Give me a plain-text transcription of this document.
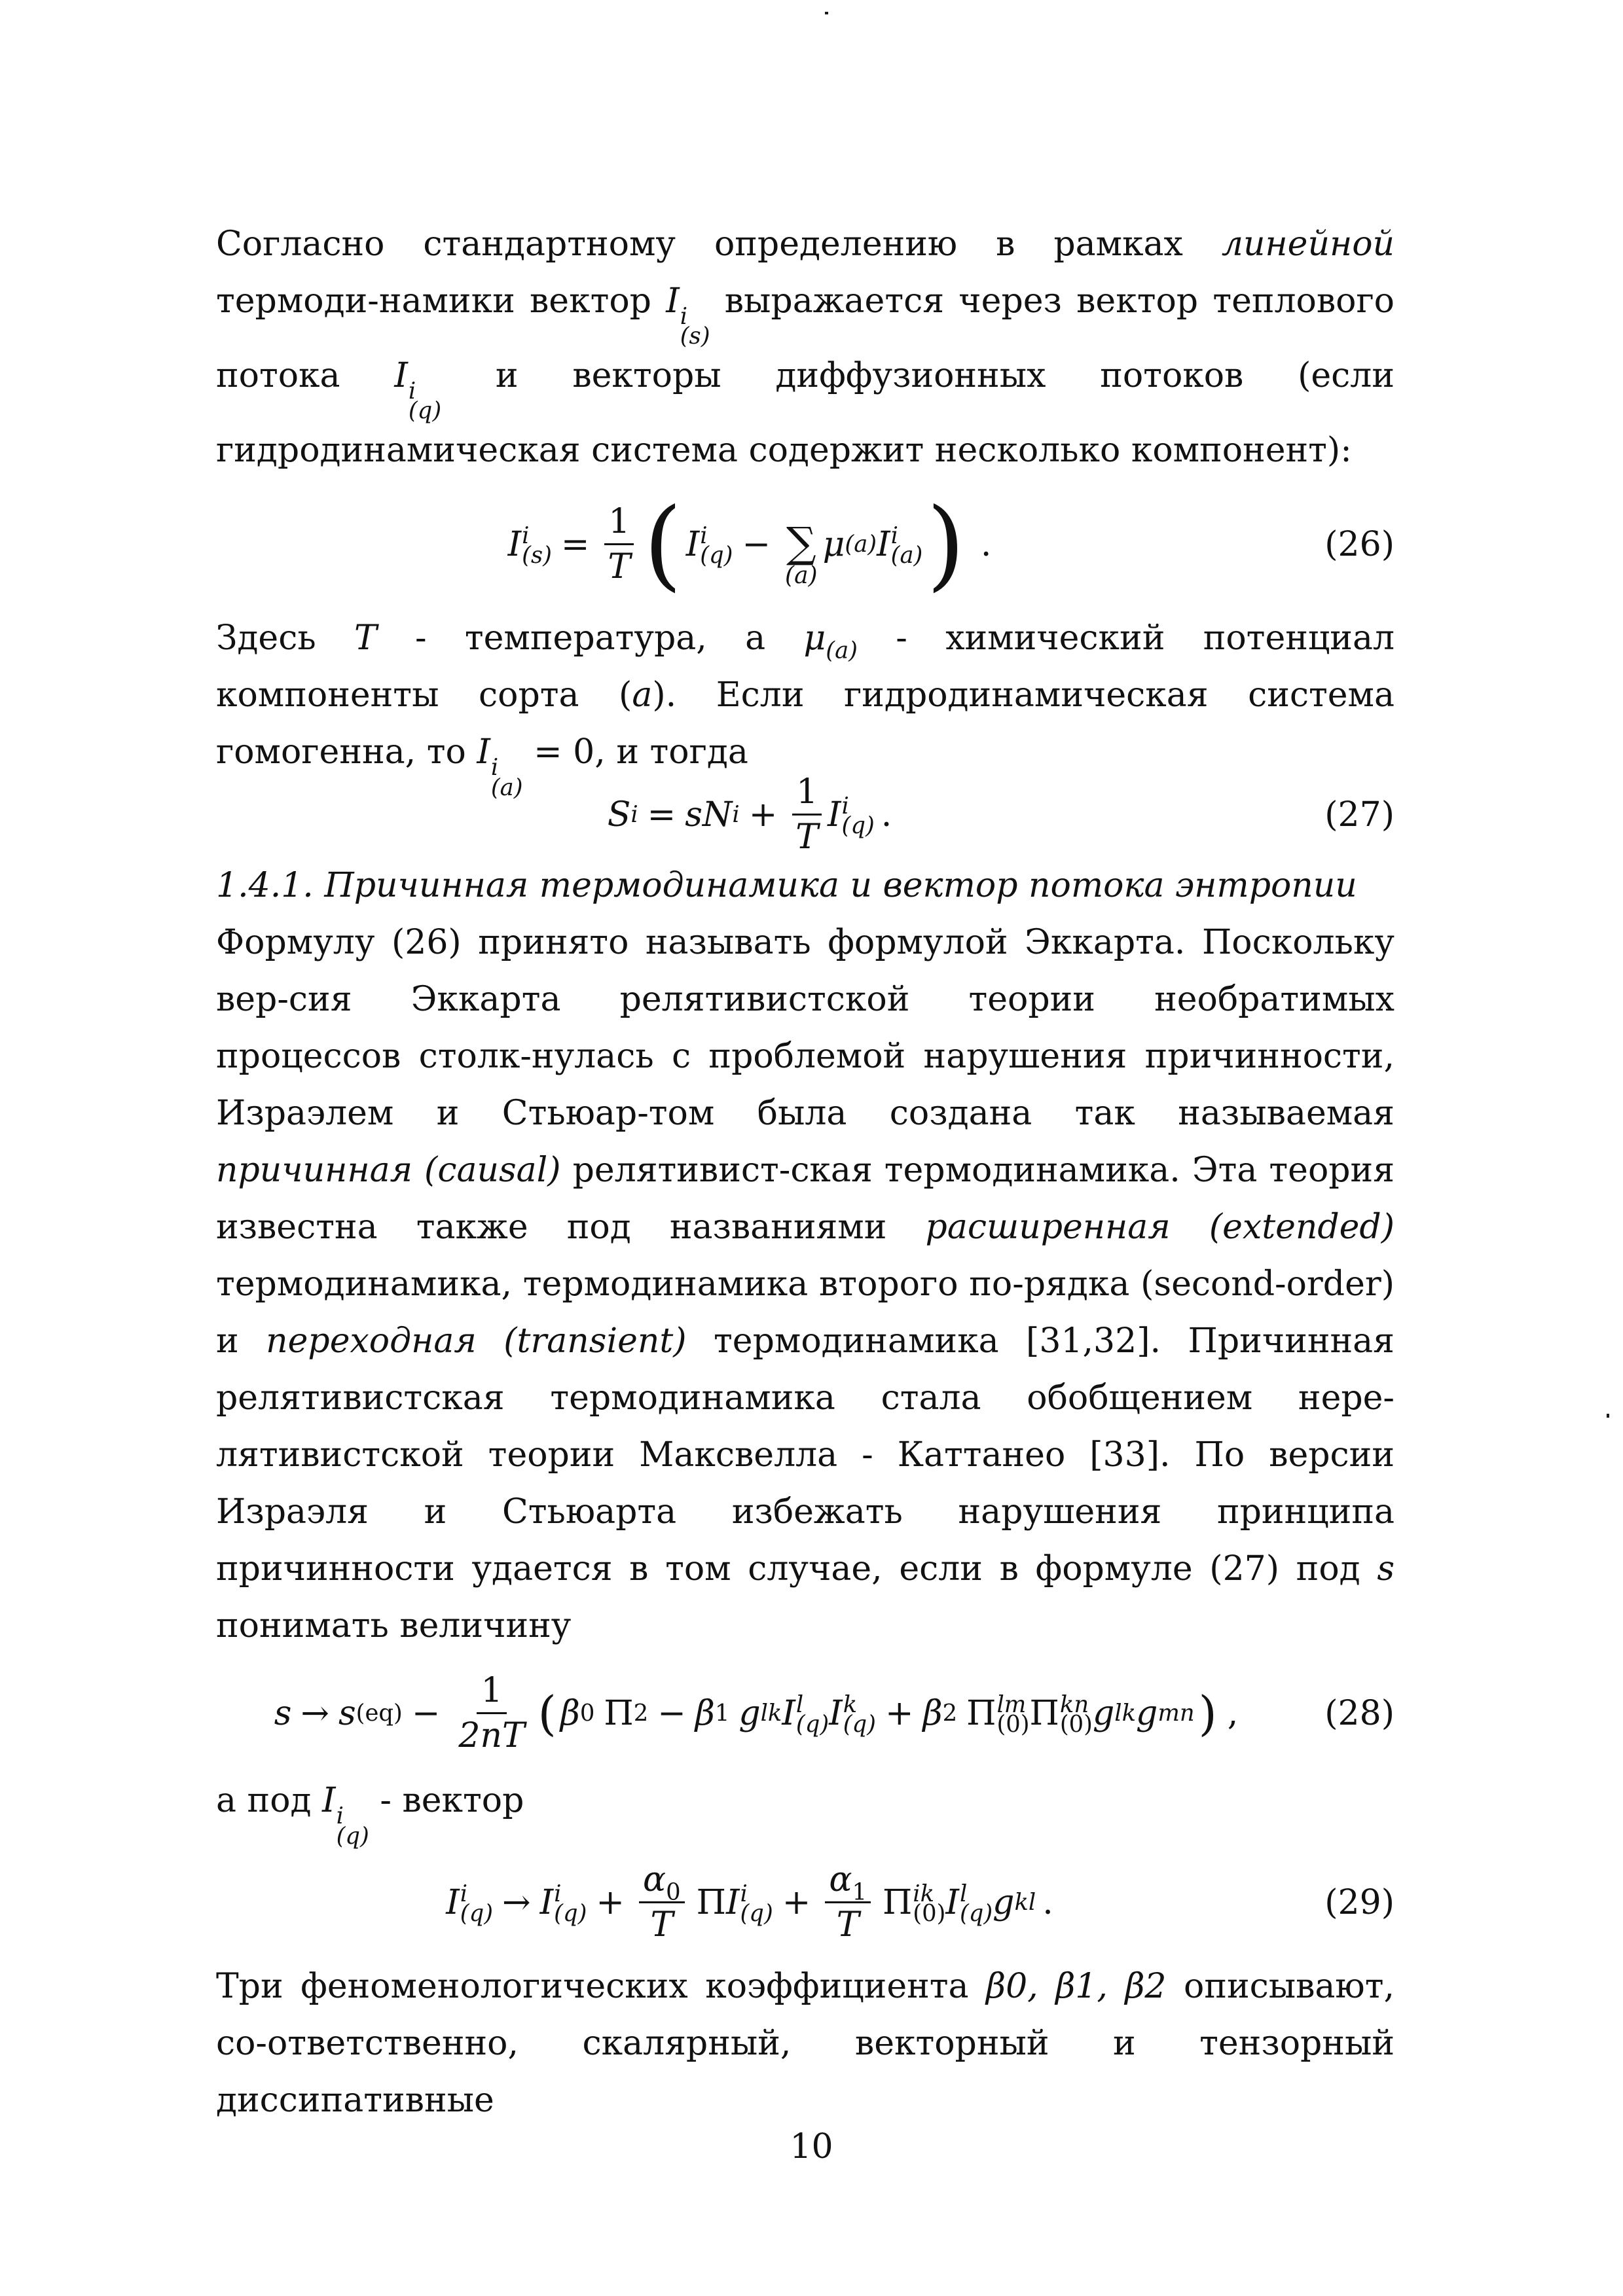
Согласно стандартному определению в рамках линейной термоди-намики вектор I i
(s)
выражается через вектор теплового потока I i
(q)
и векторы диффузионных потоков (если гидродинамическая система содержит несколько компонент):

I i
$(s) = \frac{1}{T}$ ( I i
(q) − ∑
(a)
μ (a) I i
(a) ) .	(26)

Здесь T - температура, а $\mu_{(a)}$ - химический потенциал компоненты сорта (a). Если гидродинамическая система гомогенна, то I i
(a)
= 0, и тогда

S i = s N $i + \frac{1}{T}$ I i
(q) .	(27)

1.4.1. Причинная термодинамика и вектор потока энтропии

Формулу (26) принято называть формулой Эккарта. Поскольку вер-сия Эккарта релятивистской теории необратимых процессов столк-нулась с проблемой нарушения причинности, Израэлем и Стьюар-том была создана так называемая причинная (causal) релятивист-ская термодинамика. Эта теория известна также под названиями расширенная (extended) термодинамика, термодинамика второго по-рядка (second-order) и переходная (transient) термодинамика [31,32]. Причинная релятивистская термодинамика стала обобщением нере-лятивистской теории Максвелла - Каттанео [33]. По версии Израэля и Стьюарта избежать нарушения принципа причинности удается в том случае, если в формуле (27) под s понимать величину

s → s $(eq) - \frac{1}{2nT}$ ( β 0 Π 2 − β 1 g lk I l
(q) I k
(q) + β 2 Π lm
(0) Π kn
(0) g lk g mn ) ,	(28)

а под I i
(q)
- вектор

I i
(q) → I i
$(q) + \frac{\alpha_0}{T}$ Π I i
$(q) + \frac{\alpha_1}{T}$ Π ik
(0) I l
(q) g kl .	(29)

Три феноменологических коэффициента β0, β1, β2 описывают, со-ответственно, скалярный, векторный и тензорный диссипативные

10
